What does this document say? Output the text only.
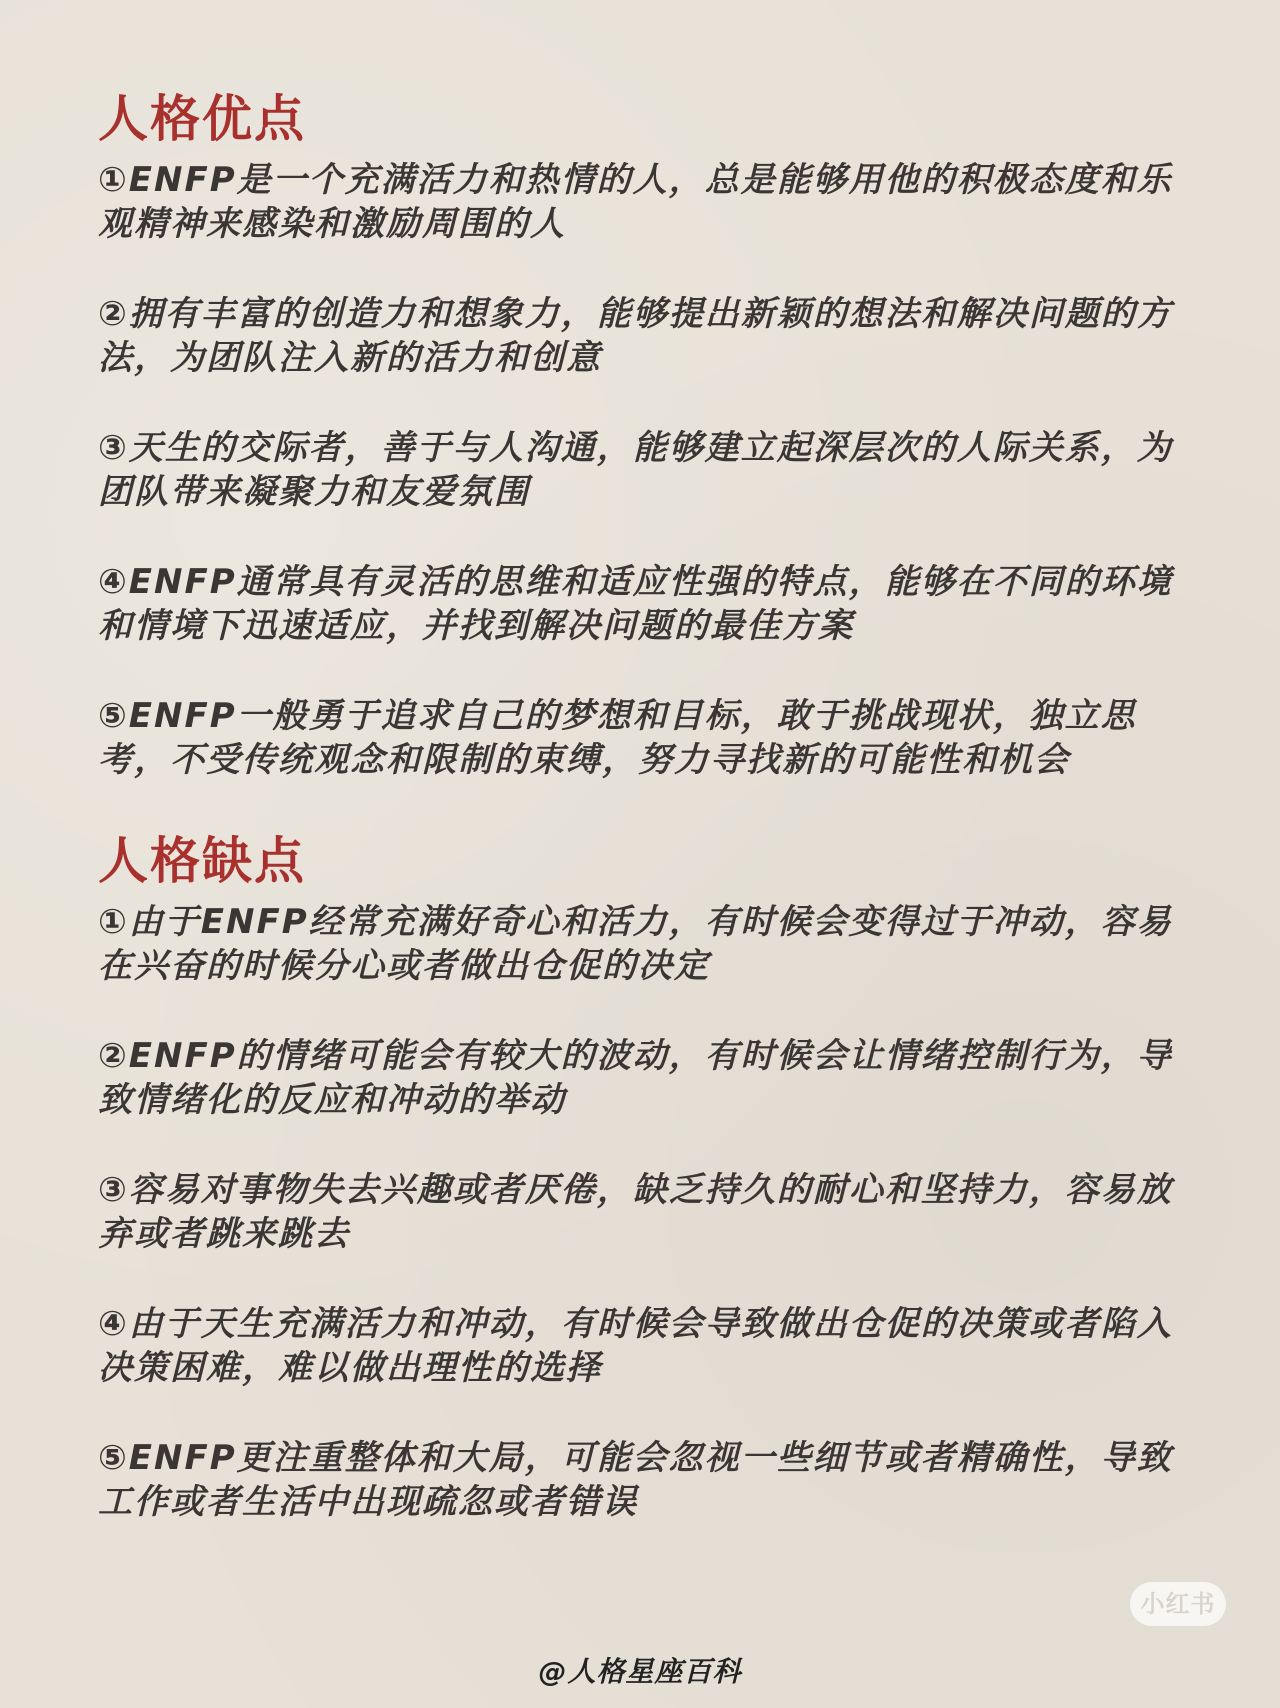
人格优点

①ENFP是一个充满活力和热情的人，总是能够用他的积极态度和乐观精神来感染和激励周围的人

②拥有丰富的创造力和想象力，能够提出新颖的想法和解决问题的方法，为团队注入新的活力和创意

③天生的交际者，善于与人沟通，能够建立起深层次的人际关系，为团队带来凝聚力和友爱氛围

④ENFP通常具有灵活的思维和适应性强的特点，能够在不同的环境和情境下迅速适应，并找到解决问题的最佳方案

⑤ENFP一般勇于追求自己的梦想和目标，敢于挑战现状，独立思考，不受传统观念和限制的束缚，努力寻找新的可能性和机会

人格缺点

①由于ENFP经常充满好奇心和活力，有时候会变得过于冲动，容易在兴奋的时候分心或者做出仓促的决定

②ENFP的情绪可能会有较大的波动，有时候会让情绪控制行为，导致情绪化的反应和冲动的举动

③容易对事物失去兴趣或者厌倦，缺乏持久的耐心和坚持力，容易放弃或者跳来跳去

④由于天生充满活力和冲动，有时候会导致做出仓促的决策或者陷入决策困难，难以做出理性的选择

⑤ENFP更注重整体和大局，可能会忽视一些细节或者精确性，导致工作或者生活中出现疏忽或者错误

小红书
@人格星座百科
